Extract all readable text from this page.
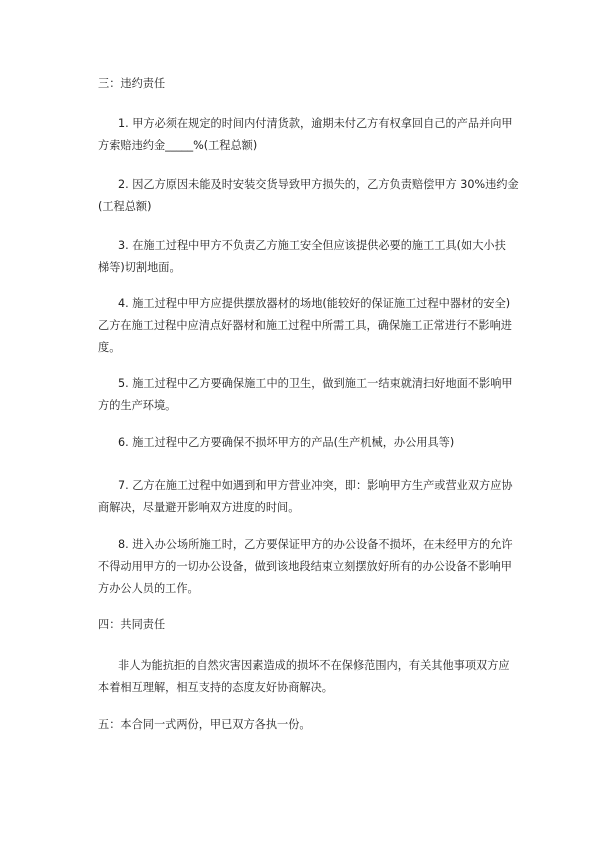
三：违约责任

1. 甲方必须在规定的时间内付清货款，逾期未付乙方有权拿回自己的产品并向甲
方索赔违约金_____%(工程总额)

2. 因乙方原因未能及时安装交货导致甲方损失的，乙方负责赔偿甲方 30%违约金
(工程总额)

3. 在施工过程中甲方不负责乙方施工安全但应该提供必要的施工工具(如大小扶
梯等)切割地面。

4. 施工过程中甲方应提供摆放器材的场地(能较好的保证施工过程中器材的安全)
乙方在施工过程中应清点好器材和施工过程中所需工具，确保施工正常进行不影响进
度。

5. 施工过程中乙方要确保施工中的卫生，做到施工一结束就清扫好地面不影响甲
方的生产环境。

6. 施工过程中乙方要确保不损坏甲方的产品(生产机械，办公用具等)

7. 乙方在施工过程中如遇到和甲方营业冲突，即：影响甲方生产或营业双方应协
商解决，尽量避开影响双方进度的时间。

8. 进入办公场所施工时，乙方要保证甲方的办公设备不损坏，在未经甲方的允许
不得动用甲方的一切办公设备，做到该地段结束立刻摆放好所有的办公设备不影响甲
方办公人员的工作。

四：共同责任

非人为能抗拒的自然灾害因素造成的损坏不在保修范围内，有关其他事项双方应
本着相互理解，相互支持的态度友好协商解决。

五：本合同一式两份，甲已双方各执一份。
